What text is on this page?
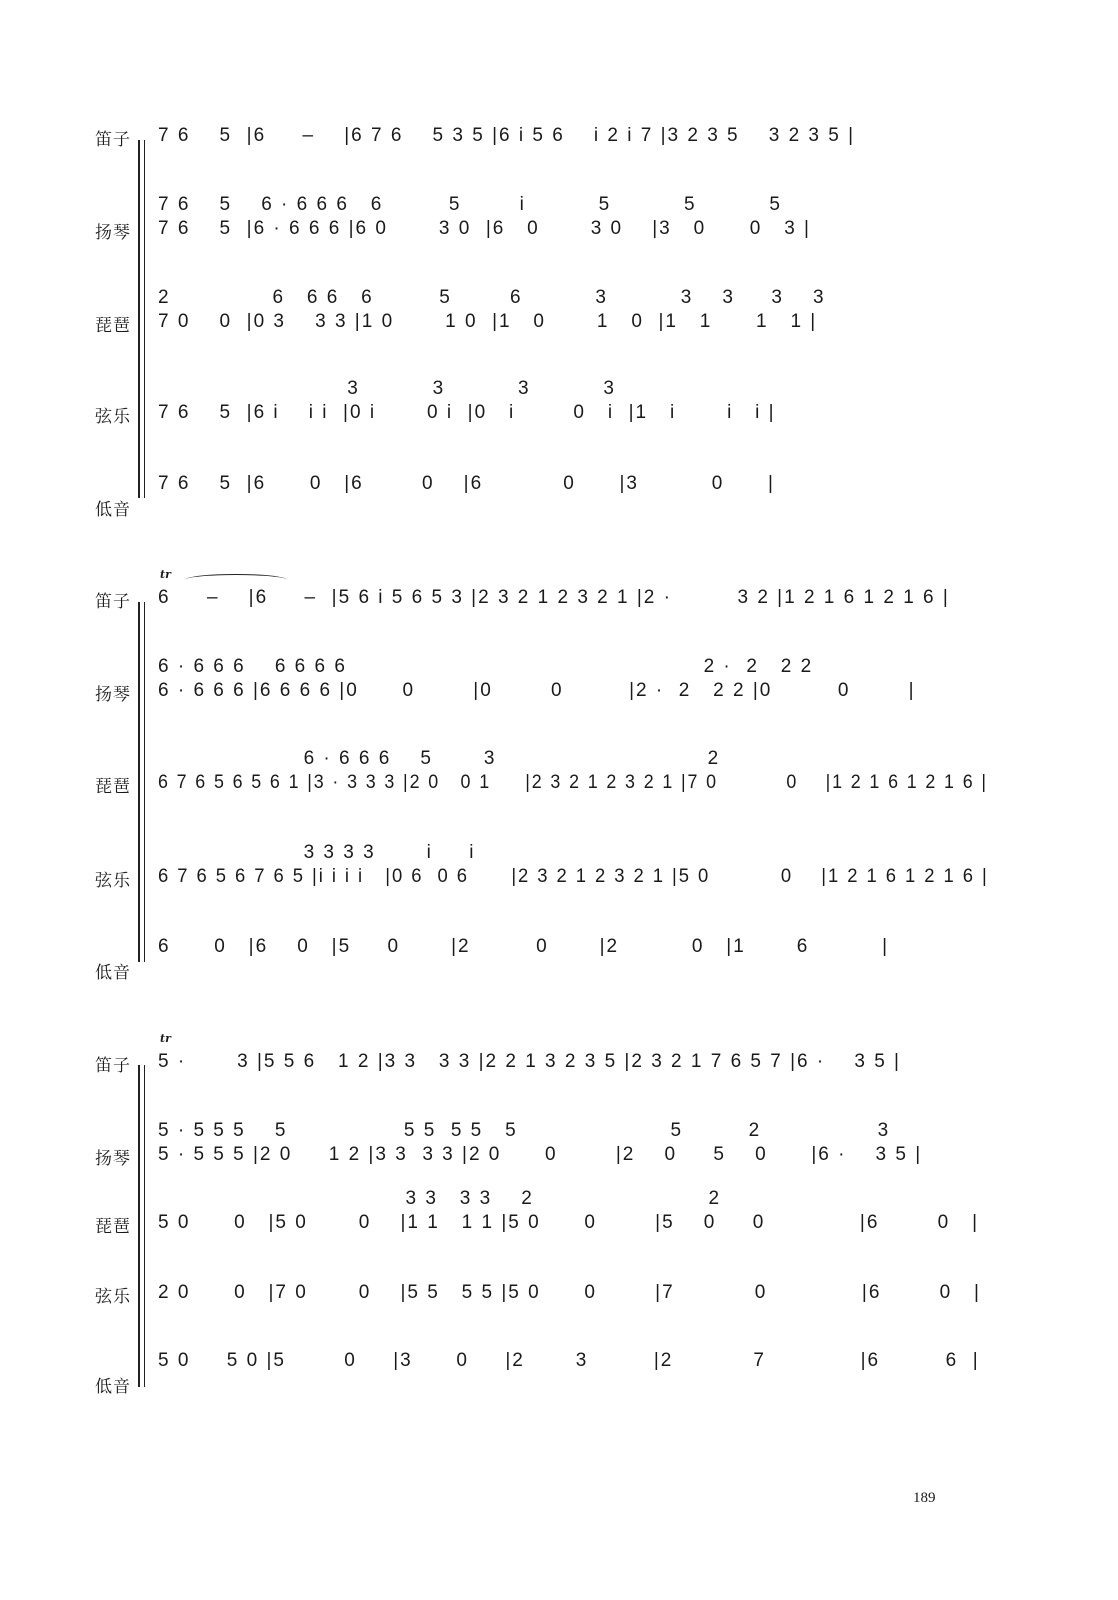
笛子 7 6    5  |6     –    |6 7 6    5 3 5 |6 i 5 6    i 2 i 7 |3 2 3 5    3 2 3 5 |
扬琴
7 6    5    6 · 6 6 6   6         5        i          5          5          5
7 6    5  |6 · 6 6 6 |6 0       3 0  |6   0       3 0    |3   0      0   3 |
琵琶
2              6   6 6   6         5        6          3          3    3     3    3
7 0    0  |0 3    3 3 |1 0       1 0  |1   0       1   0  |1   1      1   1 |
弦乐
3          3          3          3
7 6    5  |6 i    i i  |0 i       0 i  |0   i        0   i  |1   i       i   i |
低音
7 6    5  |6      0   |6        0    |6           0      |3          0      |
tr
笛子 6     –    |6     –  |5 6 i 5 6 5 3 |2 3 2 1 2 3 2 1 |2 ·         3 2 |1 2 1 6 1 2 1 6 |
扬琴
6 · 6 6 6    6 6 6 6                                                 2 ·  2   2 2
6 · 6 6 6 |6 6 6 6 |0      0        |0        0         |2 ·  2   2 2 |0         0        |
琵琶
6 · 6 6 6    5       3                             2
6 7 6 5 6 5 6 1 |3 · 3 3 3 |2 0   0 1     |2 3 2 1 2 3 2 1 |7 0          0    |1 2 1 6 1 2 1 6 |
弦乐
3 3 3 3       i     i
6 7 6 5 6 7 6 5 |i i i i   |0 6  0 6      |2 3 2 1 2 3 2 1 |5 0          0    |1 2 1 6 1 2 1 6 |
低音
6      0   |6    0   |5     0       |2         0       |2          0   |1       6          |
tr
笛子 5 ·       3 |5 5 6   1 2 |3 3   3 3 |2 2 1 3 2 3 5 |2 3 2 1 7 6 5 7 |6 ·    3 5 |
扬琴
5 · 5 5 5    5                5 5  5 5   5                     5         2                3
5 · 5 5 5 |2 0     1 2 |3 3  3 3 |2 0      0        |2    0     5    0      |6 ·    3 5 |
琵琶
3 3   3 3    2                        2
5 0      0   |5 0       0    |1 1   1 1 |5 0      0        |5    0     0             |6        0   |
弦乐 2 0      0   |7 0       0    |5 5   5 5 |5 0      0        |7           0             |6        0   |
低音
5 0     5 0 |5        0     |3      0     |2       3         |2           7             |6         6  |
189
